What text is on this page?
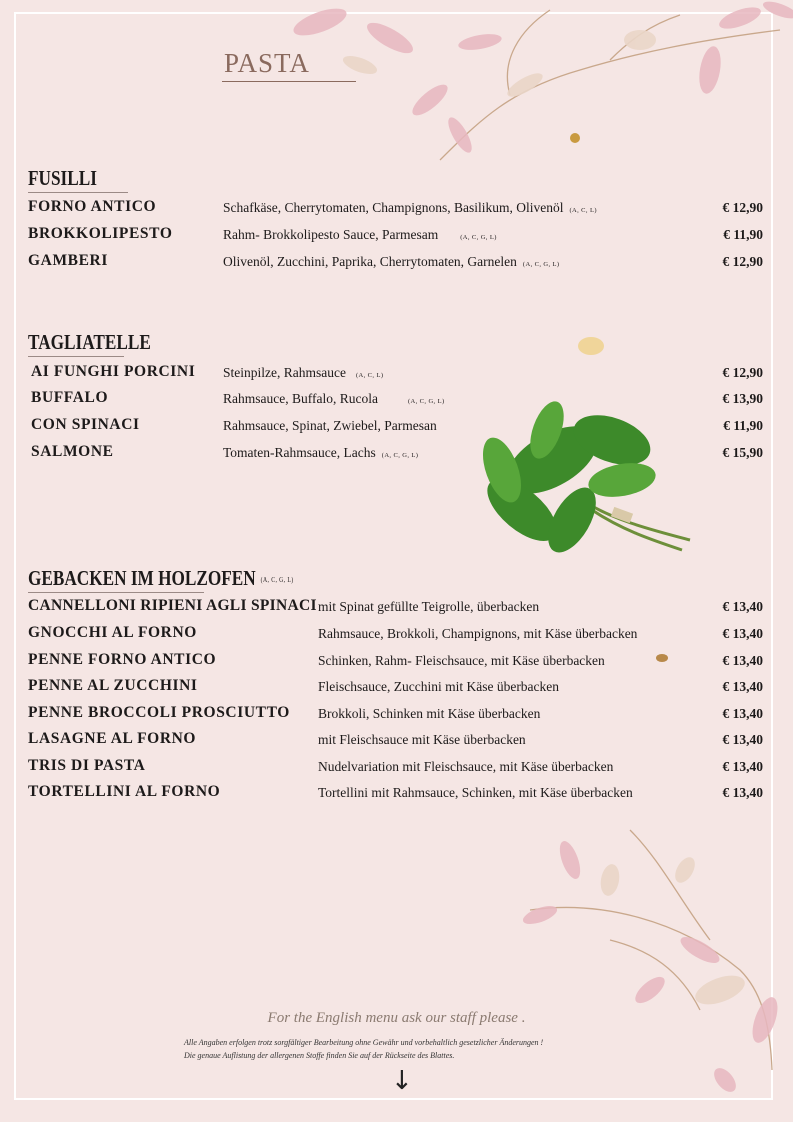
PASTA
FUSILLI
FORNO ANTICO	Schafkäse, Cherrytomaten, Champignons, Basilikum, Olivenöl (A, C, L)	€ 12,90
BROKKOLIPESTO	Rahm- Brokkolipesto Sauce, Parmesam	(A, C, G, L)	€ 11,90
GAMBERI	Olivenöl, Zucchini, Paprika, Cherrytomaten, Garnelen (A, C, G, L)	€ 12,90
TAGLIATELLE
AI FUNGHI PORCINI Steinpilze, Rahmsauce (A, C, L)	€ 12,90
BUFFALO	Rahmsauce, Buffalo, Rucola	(A, C, G, L)	€ 13,90
CON SPINACI	Rahmsauce, Spinat, Zwiebel, Parmesan	€ 11,90
SALMONE	Tomaten-Rahmsauce, Lachs (A, C, G, L)	€ 15,90
GEBACKEN IM HOLZOFEN (A, C, G, L)
CANNELLONI RIPIENI AGLI SPINACI mit Spinat gefüllte Teigrolle, überbacken	€ 13,40
GNOCCHI AL FORNO	Rahmsauce, Brokkoli, Champignons, mit Käse überbacken	€ 13,40
PENNE FORNO ANTICO	Schinken, Rahm- Fleischsauce, mit Käse überbacken	€ 13,40
PENNE AL ZUCCHINI	Fleischsauce, Zucchini mit Käse überbacken	€ 13,40
PENNE BROCCOLI PROSCIUTTO Brokkoli, Schinken mit Käse überbacken	€ 13,40
LASAGNE AL FORNO	mit Fleischsauce mit Käse überbacken	€ 13,40
TRIS DI PASTA	Nudelvariation mit Fleischsauce, mit Käse überbacken	€ 13,40
TORTELLINI AL FORNO	Tortellini mit Rahmsauce, Schinken, mit Käse überbacken	€ 13,40
For the English menu ask our staff please .
Alle Angaben erfolgen trotz sorgfältiger Bearbeitung ohne Gewähr und vorbehaltlich gesetzlicher Änderungen !
Die genaue Auflistung der allergenen Stoffe finden Sie auf der Rückseite des Blattes.
↓
